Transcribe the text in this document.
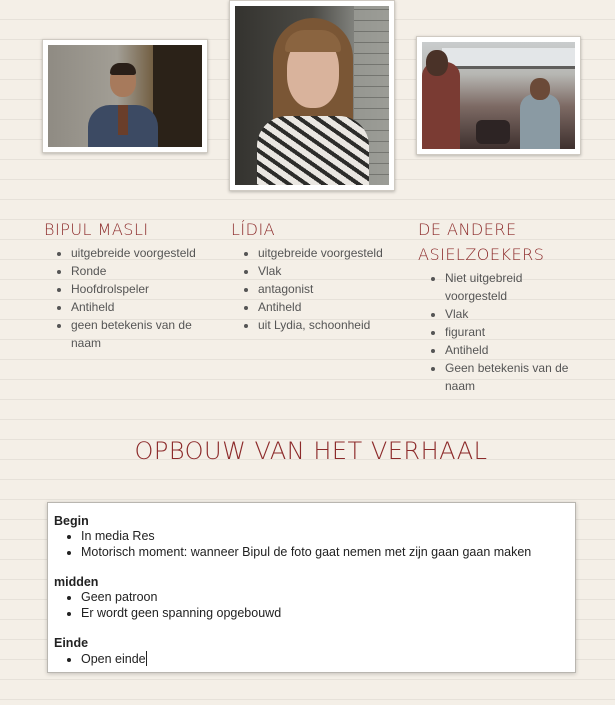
BIPUL MASLI
• uitgebreide voorgesteld
• Ronde
• Hoofdrolspeler
• Antiheld
• geen betekenis van de naam
LÍDIA
• uitgebreide voorgesteld
• Vlak
• antagonist
• Antiheld
• uit Lydia, schoonheid
DE ANDERE ASIELZOEKERS
• Niet uitgebreid voorgesteld
• Vlak
• figurant
• Antiheld
• Geen betekenis van de naam
OPBOUW VAN HET VERHAAL

Begin

• In media Res
• Motorisch moment: wanneer Bipul de foto gaat nemen met zijn gaan gaan maken

midden

• Geen patroon
• Er wordt geen spanning opgebouwd

Einde

• Open einde
